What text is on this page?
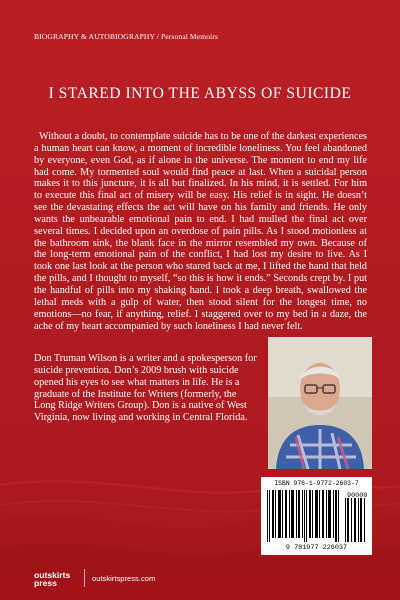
BIOGRAPHY & AUTOBIOGRAPHY / Personal Memoirs
I STARED INTO THE ABYSS OF SUICIDE
Without a doubt, to contemplate suicide has to be one of the darkest experiences a human heart can know, a moment of incredible loneliness. You feel abandoned by everyone, even God, as if alone in the universe. The moment to end my life had come. My tormented soul would find peace at last. When a suicidal person makes it to this juncture, it is all but finalized. In his mind, it is settled. For him to execute this final act of misery will be easy. His relief is in sight. He doesn’t see the devastating effects the act will have on his family and friends. He only wants the unbearable emotional pain to end. I had mulled the final act over several times. I decided upon an overdose of pain pills. As I stood motionless at the bathroom sink, the blank face in the mirror resembled my own. Because of the long-term emotional pain of the conflict, I had lost my desire to live. As I took one last look at the person who stared back at me, I lifted the hand that held the pills, and I thought to myself, “so this is how it ends.” Seconds crept by. I put the handful of pills into my shaking hand. I took a deep breath, swallowed the lethal meds with a gulp of water, then stood silent for the longest time, no emotions—no fear, if anything, relief. I staggered over to my bed in a daze, the ache of my heart accompanied by such loneliness I had never felt.
Don Truman Wilson is a writer and a spokesperson for suicide prevention. Don’s 2009 brush with suicide opened his eyes to see what matters in life. He is a graduate of the Institute for Writers (formerly, the Long Ridge Writers Group). Don is a native of West Virginia, now living and working in Central Florida.
ISBN 978-1-9772-2603-7
90000
9 781977 226037
outskirts
press	outskirtspress.com
